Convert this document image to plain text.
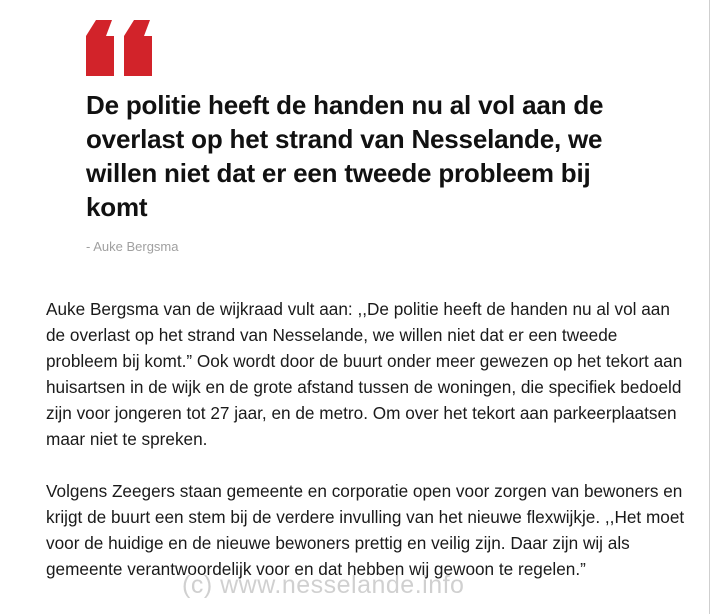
De politie heeft de handen nu al vol aan de overlast op het strand van Nesselande, we willen niet dat er een tweede probleem bij komt

- Auke Bergsma

Auke Bergsma van de wijkraad vult aan: ,,De politie heeft de handen nu al vol aan de overlast op het strand van Nesselande, we willen niet dat er een tweede probleem bij komt.” Ook wordt door de buurt onder meer gewezen op het tekort aan huisartsen in de wijk en de grote afstand tussen de woningen, die specifiek bedoeld zijn voor jongeren tot 27 jaar, en de metro. Om over het tekort aan parkeerplaatsen maar niet te spreken.

Volgens Zeegers staan gemeente en corporatie open voor zorgen van bewoners en krijgt de buurt een stem bij de verdere invulling van het nieuwe flexwijkje. ,,Het moet voor de huidige en de nieuwe bewoners prettig en veilig zijn. Daar zijn wij als gemeente verantwoordelijk voor en dat hebben wij gewoon te regelen.”

(c) www.nesselande.info
